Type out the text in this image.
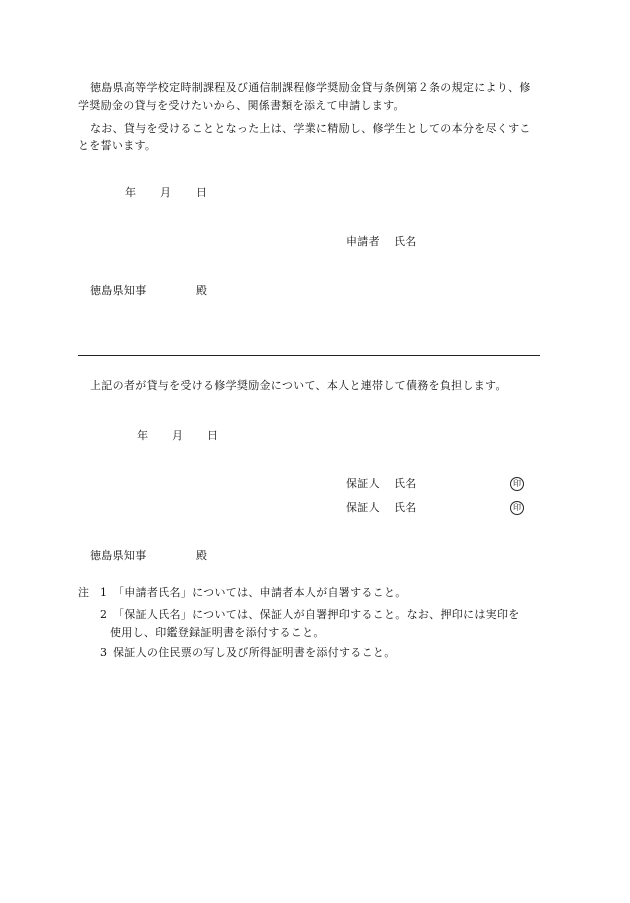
徳島県高等学校定時制課程及び通信制課程修学奨励金貸与条例第２条の規定により、修
学奨励金の貸与を受けたいから、関係書類を添えて申請します。
なお、貸与を受けることとなった上は、学業に精励し、修学生としての本分を尽くすこ
とを誓います。
年 月 日
申請者 氏名
徳島県知事	殿
上記の者が貸与を受ける修学奨励金について、本人と連帯して債務を負担します。
年 月 日
保証人 氏名	印
保証人 氏名	印
徳島県知事	殿
注 1 「申請者氏名」については、申請者本人が自署すること。
2 「保証人氏名」については、保証人が自署押印すること。なお、押印には実印を
使用し、印鑑登録証明書を添付すること。
3 保証人の住民票の写し及び所得証明書を添付すること。
